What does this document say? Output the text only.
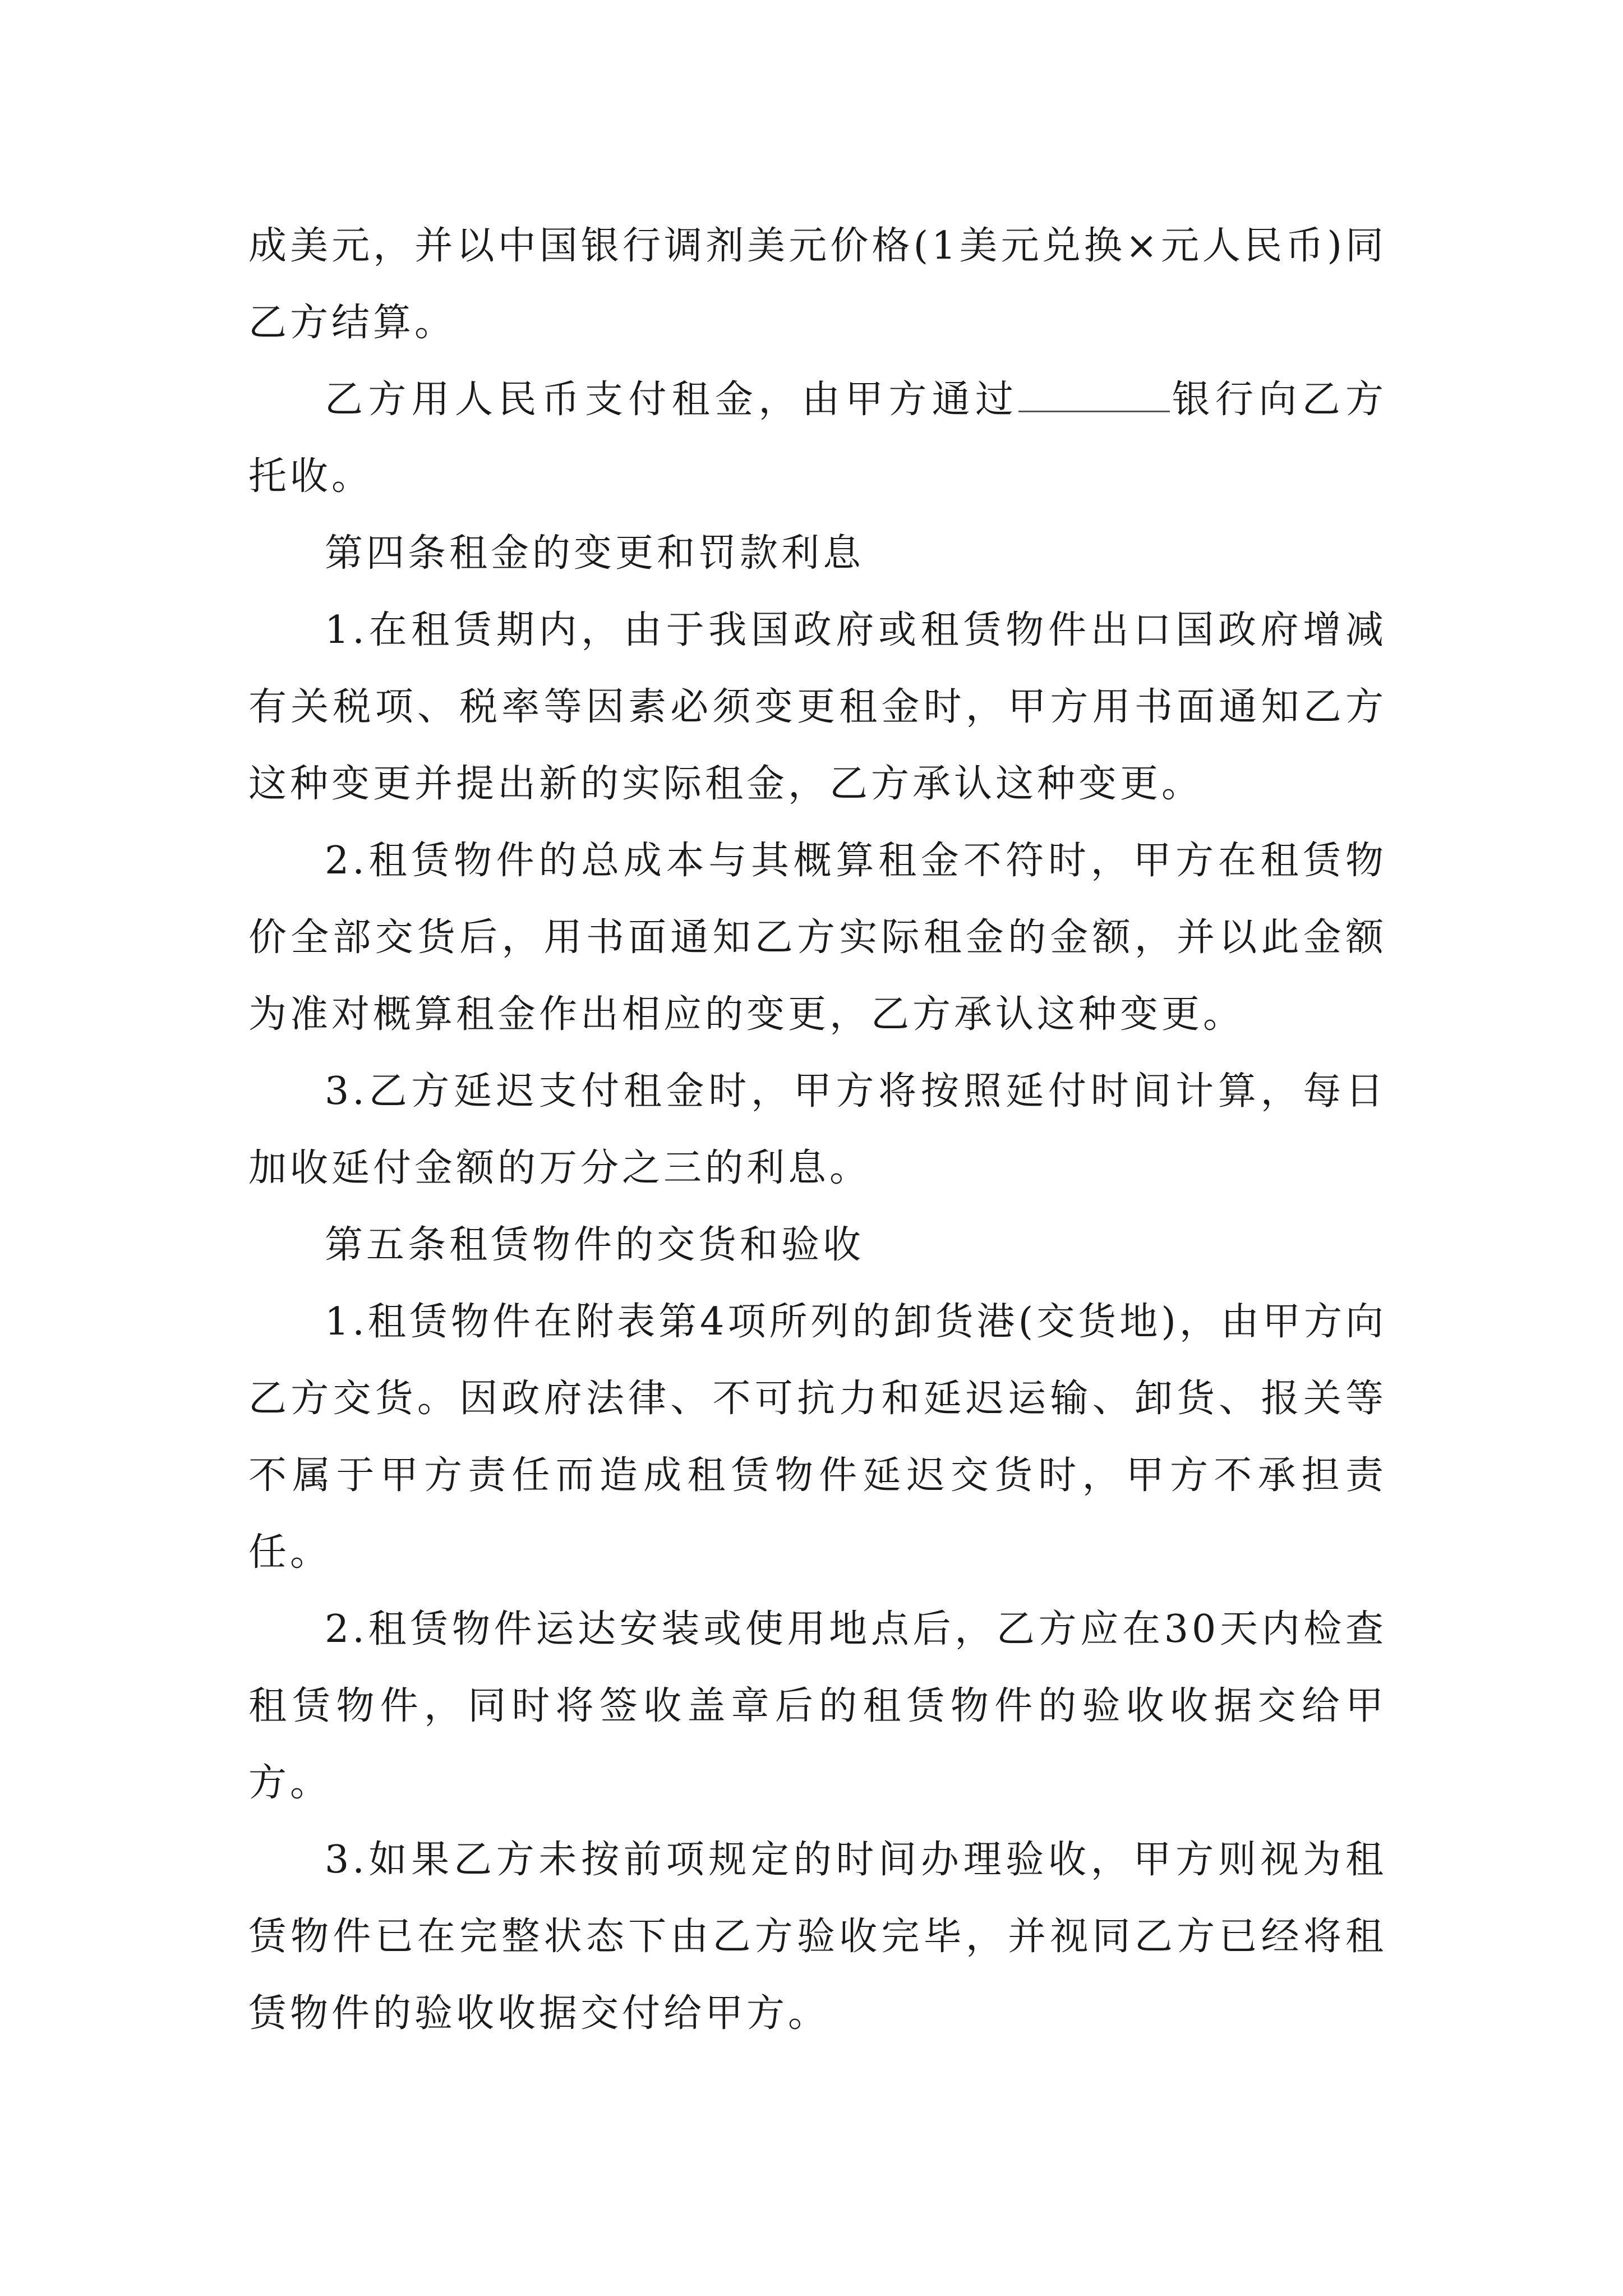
成美元，并以中国银行调剂美元价格(1美元兑换×元人民币)同乙方结算。

乙方用人民币支付租金，由甲方通过	银行向乙方托收。

第四条租金的变更和罚款利息

1.在租赁期内，由于我国政府或租赁物件出口国政府增减有关税项、税率等因素必须变更租金时，甲方用书面通知乙方这种变更并提出新的实际租金，乙方承认这种变更。

2.租赁物件的总成本与其概算租金不符时，甲方在租赁物价全部交货后，用书面通知乙方实际租金的金额，并以此金额为准对概算租金作出相应的变更，乙方承认这种变更。

3.乙方延迟支付租金时，甲方将按照延付时间计算，每日加收延付金额的万分之三的利息。

第五条租赁物件的交货和验收

1.租赁物件在附表第4项所列的卸货港(交货地)，由甲方向乙方交货。因政府法律、不可抗力和延迟运输、卸货、报关等不属于甲方责任而造成租赁物件延迟交货时，甲方不承担责任。

2.租赁物件运达安装或使用地点后，乙方应在30天内检查租赁物件，同时将签收盖章后的租赁物件的验收收据交给甲方。

3.如果乙方未按前项规定的时间办理验收，甲方则视为租赁物件已在完整状态下由乙方验收完毕，并视同乙方已经将租赁物件的验收收据交付给甲方。
